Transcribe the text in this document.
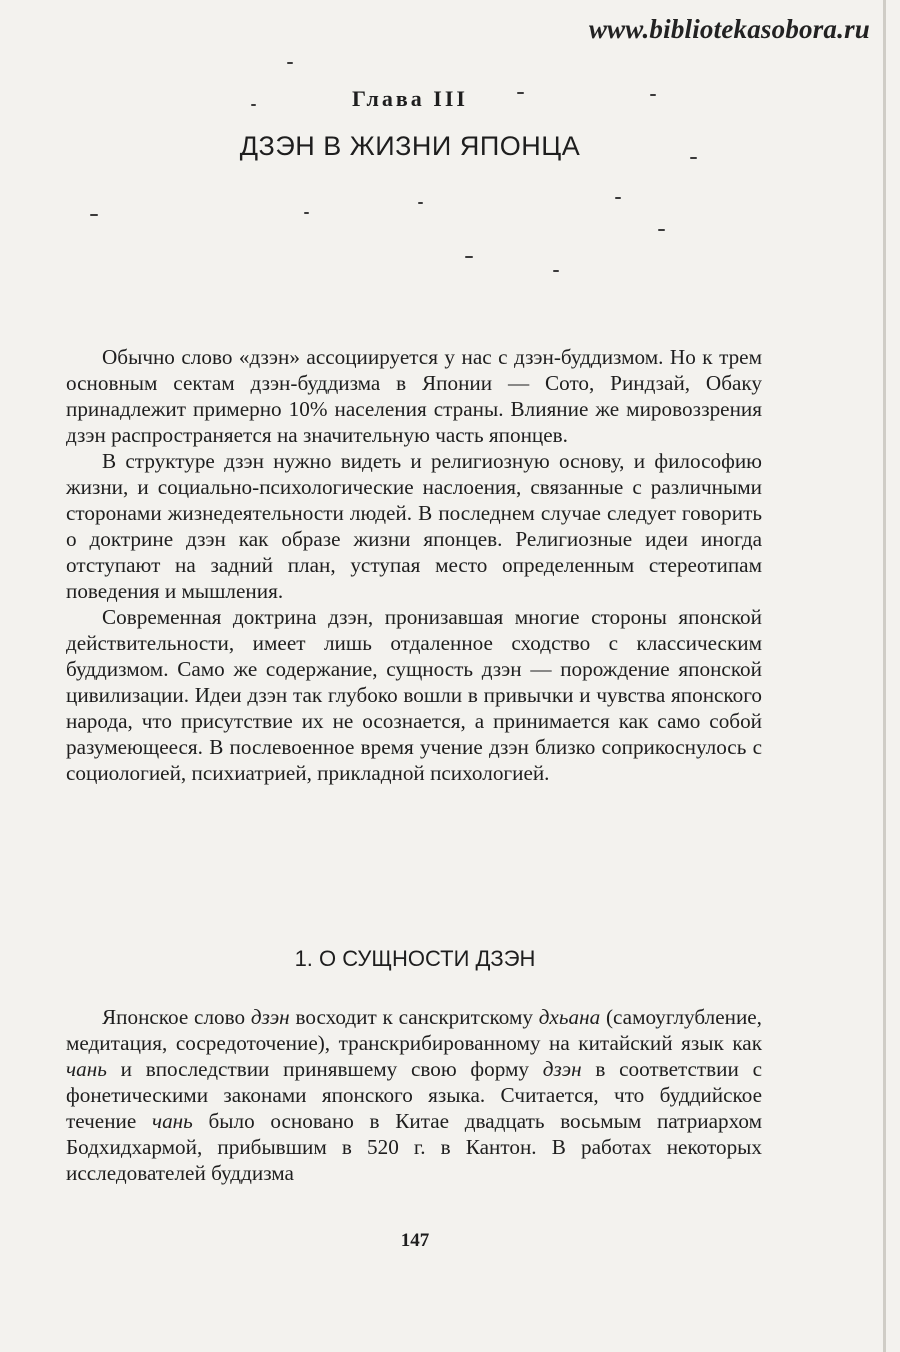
www.bibliotekasobora.ru
Глава III
ДЗЭН В ЖИЗНИ ЯПОНЦА

Обычно слово «дзэн» ассоциируется у нас с дзэн-буддизмом. Но к трем основным сектам дзэн-буддизма в Японии — Сото, Риндзай, Обаку принадлежит примерно 10% населения страны. Влияние же мировоззрения дзэн распространяется на значительную часть японцев.

В структуре дзэн нужно видеть и религиозную основу, и философию жизни, и социально-психологические наслоения, связанные с различными сторонами жизнедеятельности людей. В последнем случае следует говорить о доктрине дзэн как образе жизни японцев. Религиозные идеи иногда отступают на задний план, уступая место определенным стереотипам поведения и мышления.

Современная доктрина дзэн, пронизавшая многие стороны японской действительности, имеет лишь отдаленное сходство с классическим буддизмом. Само же содержание, сущность дзэн — порождение японской цивилизации. Идеи дзэн так глубоко вошли в привычки и чувства японского народа, что присутствие их не осознается, а принимается как само собой разумеющееся. В послевоенное время учение дзэн близко соприкоснулось с социологией, психиатрией, прикладной психологией.

1. О СУЩНОСТИ ДЗЭН

Японское слово дзэн восходит к санскритскому дхьана (самоуглубление, медитация, сосредоточение), транскрибированному на китайский язык как чань и впоследствии принявшему свою форму дзэн в соответствии с фонетическими законами японского языка. Считается, что буддийское течение чань было основано в Китае двадцать восьмым патриархом Бодхидхармой, прибывшим в 520 г. в Кантон. В работах некоторых исследователей буддизма

147
